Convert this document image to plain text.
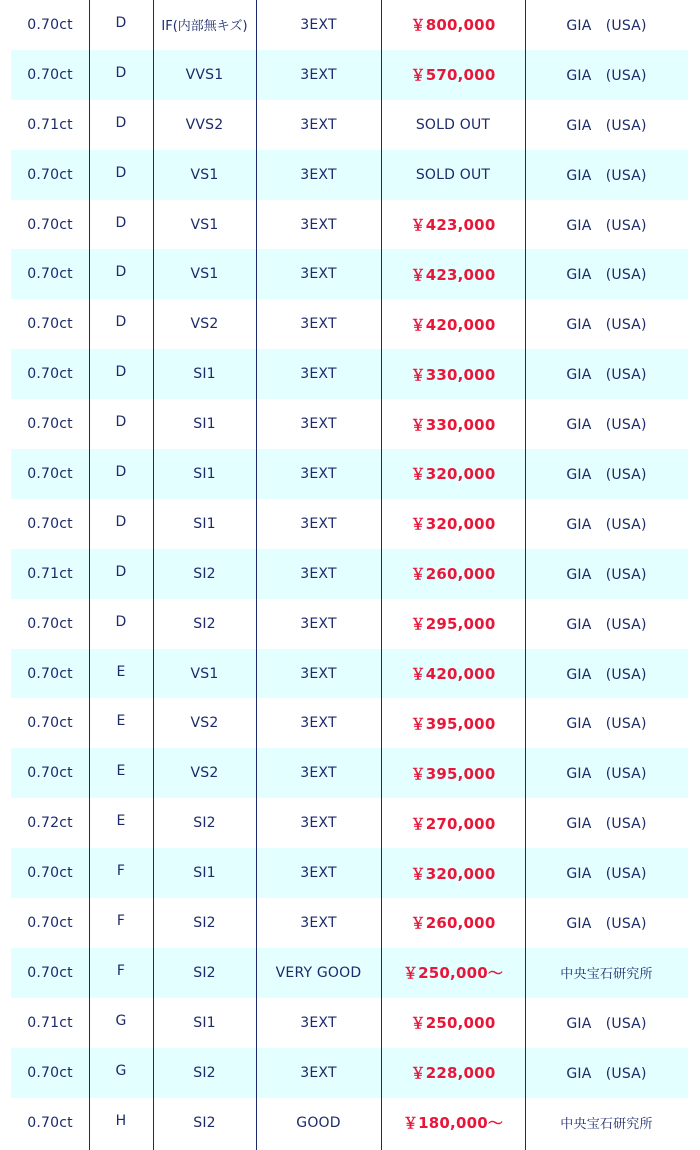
0.70ct	D	IF(内部無キズ)	3EXT	￥800,000	GIA　(USA)
0.70ct	D	VVS1	3EXT	￥570,000	GIA　(USA)
0.71ct	D	VVS2	3EXT	SOLD OUT	GIA　(USA)
0.70ct	D	VS1	3EXT	SOLD OUT	GIA　(USA)
0.70ct	D	VS1	3EXT	￥423,000	GIA　(USA)
0.70ct	D	VS1	3EXT	￥423,000	GIA　(USA)
0.70ct	D	VS2	3EXT	￥420,000	GIA　(USA)
0.70ct	D	SI1	3EXT	￥330,000	GIA　(USA)
0.70ct	D	SI1	3EXT	￥330,000	GIA　(USA)
0.70ct	D	SI1	3EXT	￥320,000	GIA　(USA)
0.70ct	D	SI1	3EXT	￥320,000	GIA　(USA)
0.71ct	D	SI2	3EXT	￥260,000	GIA　(USA)
0.70ct	D	SI2	3EXT	￥295,000	GIA　(USA)
0.70ct	E	VS1	3EXT	￥420,000	GIA　(USA)
0.70ct	E	VS2	3EXT	￥395,000	GIA　(USA)
0.70ct	E	VS2	3EXT	￥395,000	GIA　(USA)
0.72ct	E	SI2	3EXT	￥270,000	GIA　(USA)
0.70ct	F	SI1	3EXT	￥320,000	GIA　(USA)
0.70ct	F	SI2	3EXT	￥260,000	GIA　(USA)
0.70ct	F	SI2	VERY GOOD	￥250,000～	中央宝石研究所
0.71ct	G	SI1	3EXT	￥250,000	GIA　(USA)
0.70ct	G	SI2	3EXT	￥228,000	GIA　(USA)
0.70ct	H	SI2	GOOD	￥180,000～	中央宝石研究所
